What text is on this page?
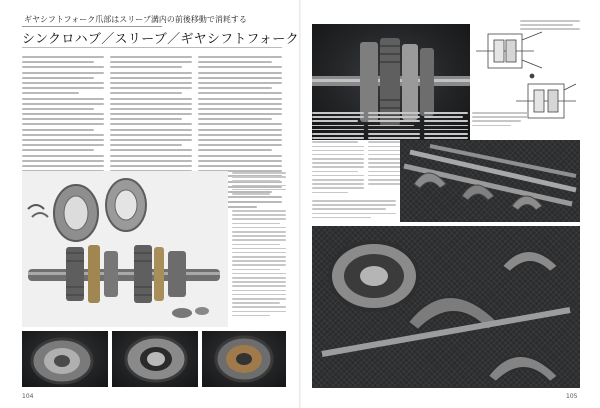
ギヤシフトフォーク爪部はスリーブ溝内の前後移動で消耗する
シンクロハブ／スリーブ／ギヤシフトフォーク
104	105
